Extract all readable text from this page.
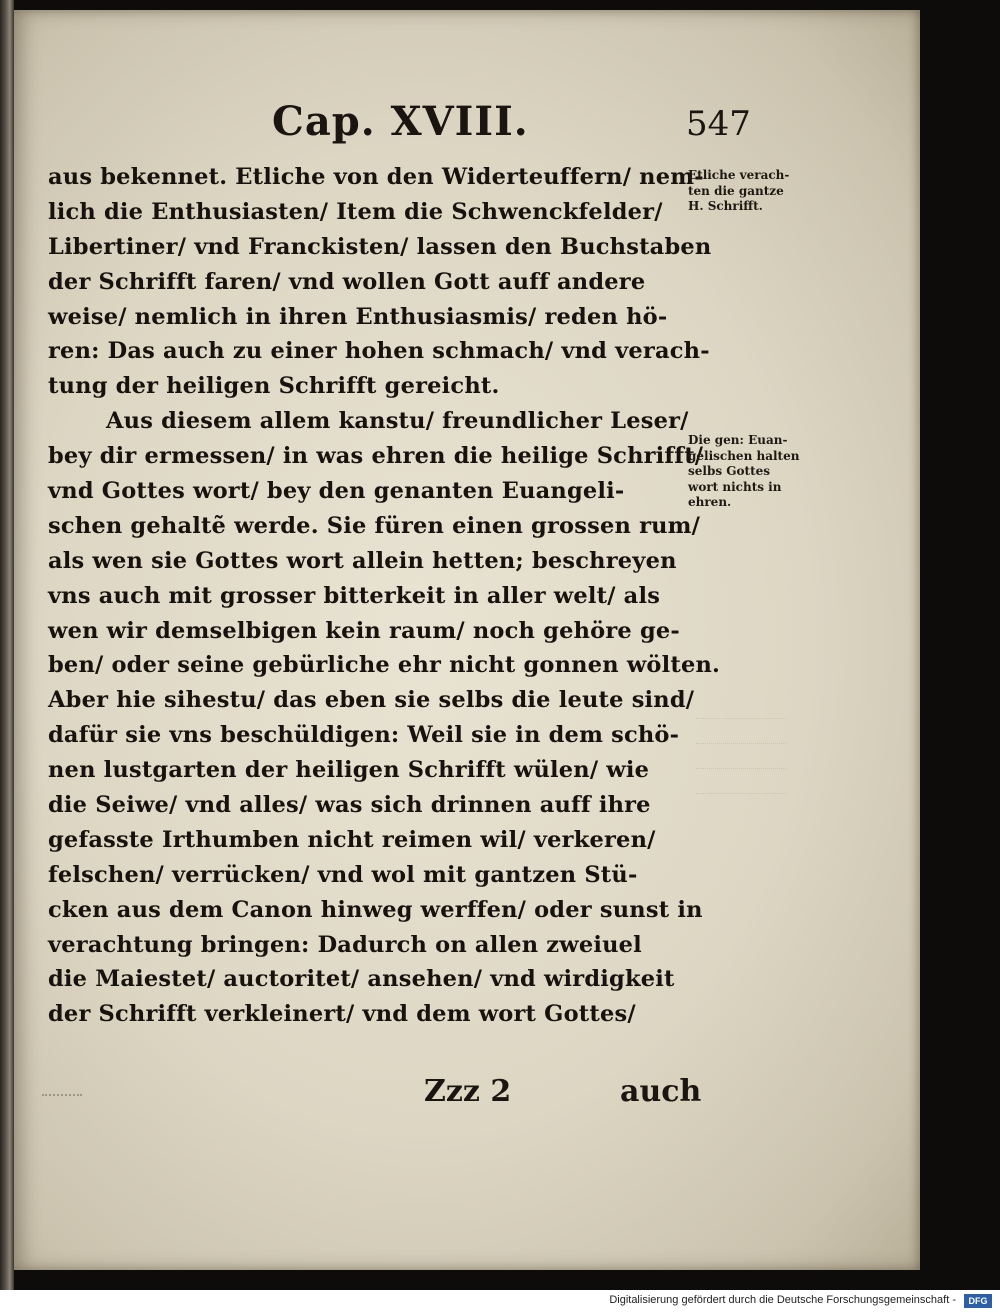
Cap. XVIII.	547
aus bekennet. Etliche von den Widerteuffern/ nem-
lich die Enthusiasten/ Item die Schwenckfelder/
Libertiner/ vnd Franckisten/ lassen den Buchstaben
der Schrifft faren/ vnd wollen Gott auff andere
weise/ nemlich in ihren Enthusiasmis/ reden hö-
ren: Das auch zu einer hohen schmach/ vnd verach-
tung der heiligen Schrifft gereicht.
Aus diesem allem kanstu/ freundlicher Leser/
bey dir ermessen/ in was ehren die heilige Schrifft/
vnd Gottes wort/ bey den genanten Euangeli-
schen gehaltẽ werde. Sie füren einen grossen rum/
als wen sie Gottes wort allein hetten; beschreyen
vns auch mit grosser bitterkeit in aller welt/ als
wen wir demselbigen kein raum/ noch gehöre ge-
ben/ oder seine gebürliche ehr nicht gonnen wölten.
Aber hie sihestu/ das eben sie selbs die leute sind/
dafür sie vns beschüldigen: Weil sie in dem schö-
nen lustgarten der heiligen Schrifft wülen/ wie
die Seiwe/ vnd alles/ was sich drinnen auff ihre
gefasste Irthumben nicht reimen wil/ verkeren/
felschen/ verrücken/ vnd wol mit gantzen Stü-
cken aus dem Canon hinweg werffen/ oder sunst in
verachtung bringen: Dadurch on allen zweiuel
die Maiestet/ auctoritet/ ansehen/ vnd wirdigkeit
der Schrifft verkleinert/ vnd dem wort Gottes/
Etliche verach-
ten die gantze
H. Schrifft.
Die gen: Euan-
gelischen halten
selbs Gottes
wort nichts in
ehren.
Zzz 2	auch
Digitalisierung gefördert durch die Deutsche Forschungsgemeinschaft -	DFG
